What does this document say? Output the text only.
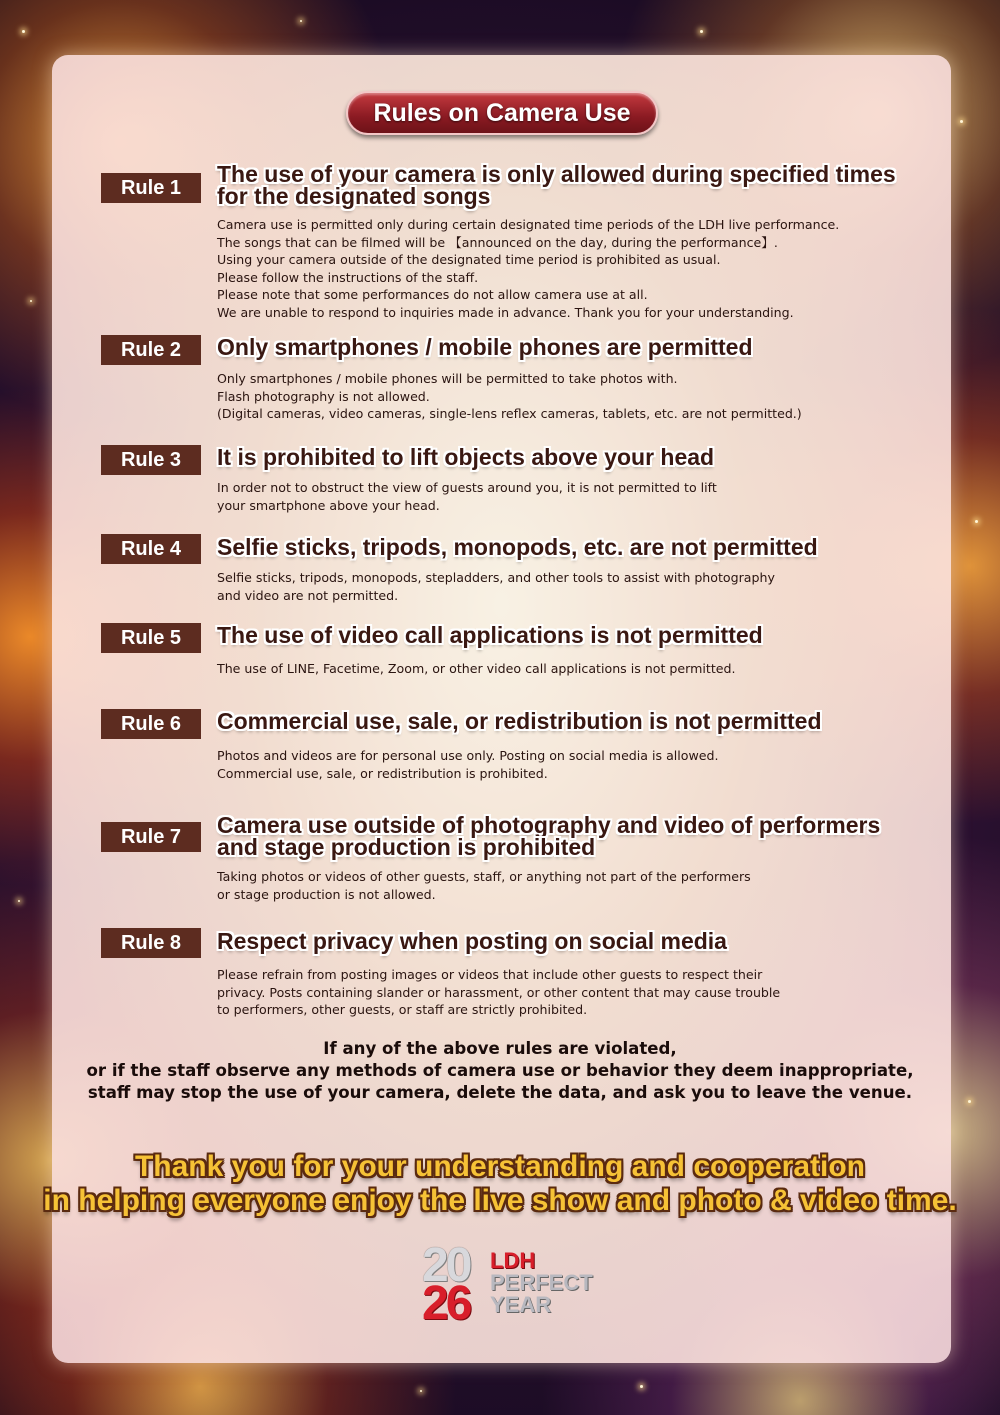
Rules on Camera Use
Rule 1
The use of your camera is only allowed during specified times
for the designated songs
Camera use is permitted only during certain designated time periods of the LDH live performance.
The songs that can be filmed will be 【announced on the day, during the performance】.
Using your camera outside of the designated time period is prohibited as usual.
Please follow the instructions of the staff.
Please note that some performances do not allow camera use at all.
We are unable to respond to inquiries made in advance. Thank you for your understanding.
Rule 2	Only smartphones / mobile phones are permitted
Only smartphones / mobile phones will be permitted to take photos with.
Flash photography is not allowed.
(Digital cameras, video cameras, single-lens reflex cameras, tablets, etc. are not permitted.)
Rule 3	It is prohibited to lift objects above your head
In order not to obstruct the view of guests around you, it is not permitted to lift
your smartphone above your head.
Rule 4	Selfie sticks, tripods, monopods, etc. are not permitted
Selfie sticks, tripods, monopods, stepladders, and other tools to assist with photography
and video are not permitted.
Rule 5	The use of video call applications is not permitted
The use of LINE, Facetime, Zoom, or other video call applications is not permitted.
Rule 6	Commercial use, sale, or redistribution is not permitted
Photos and videos are for personal use only. Posting on social media is allowed.
Commercial use, sale, or redistribution is prohibited.
Rule 7	Camera use outside of photography and video of performers
and stage production is prohibited
Taking photos or videos of other guests, staff, or anything not part of the performers
or stage production is not allowed.
Rule 8	Respect privacy when posting on social media
Please refrain from posting images or videos that include other guests to respect their
privacy. Posts containing slander or harassment, or other content that may cause trouble
to performers, other guests, or staff are strictly prohibited.
If any of the above rules are violated,
or if the staff observe any methods of camera use or behavior they deem inappropriate,
staff may stop the use of your camera, delete the data, and ask you to leave the venue.
Thank you for your understanding and cooperation
in helping everyone enjoy the live show and photo & video time.
20
26
LDH
PERFECT
YEAR
